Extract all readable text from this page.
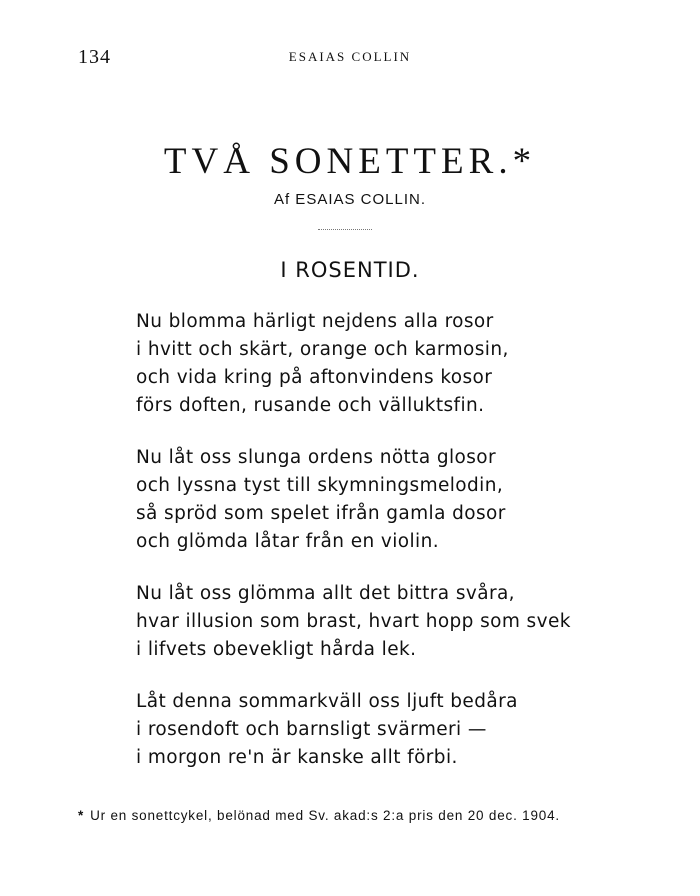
134	ESAIAS COLLIN
TVÅ SONETTER.*
Af ESAIAS COLLIN.
I ROSENTID.
Nu blomma härligt nejdens alla rosor
i hvitt och skärt, orange och karmosin,
och vida kring på aftonvindens kosor
förs doften, rusande och välluktsfin.
Nu låt oss slunga ordens nötta glosor
och lyssna tyst till skymningsmelodin,
så spröd som spelet ifrån gamla dosor
och glömda låtar från en violin.
Nu låt oss glömma allt det bittra svåra,
hvar illusion som brast, hvart hopp som svek
i lifvets obevekligt hårda lek.
Låt denna sommarkväll oss ljuft bedåra
i rosendoft och barnsligt svärmeri —
i morgon re'n är kanske allt förbi.
* Ur en sonettcykel, belönad med Sv. akad:s 2:a pris den 20 dec. 1904.
